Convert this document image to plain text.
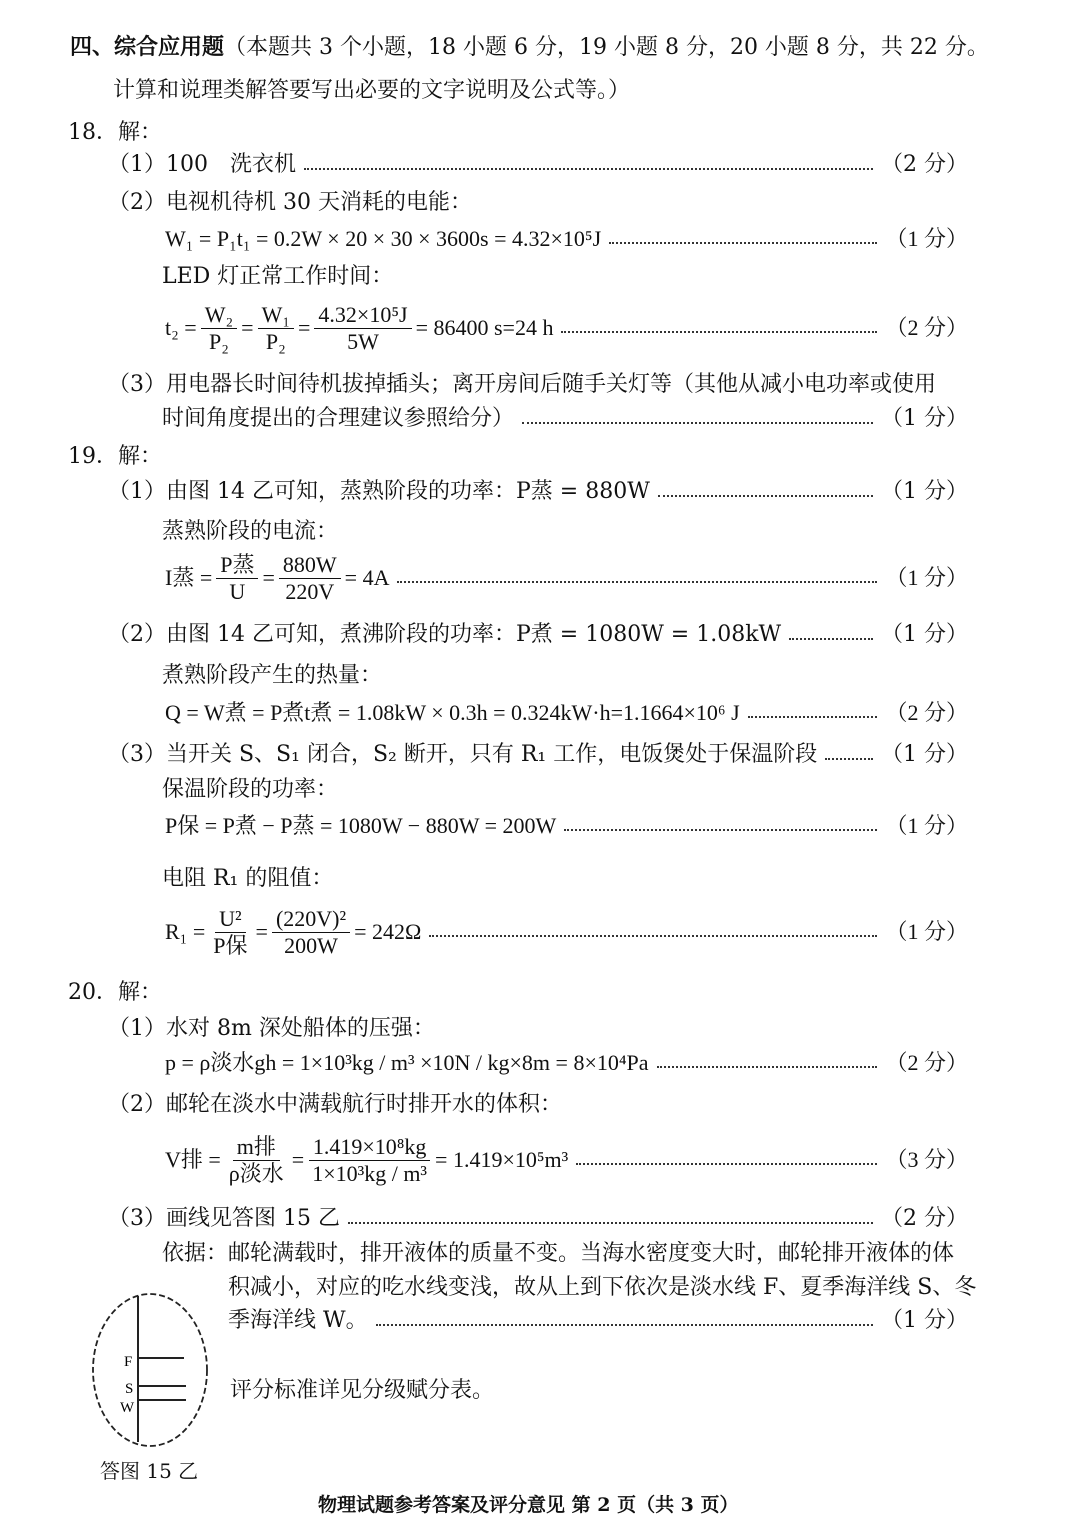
四、综合应用题（本题共 3 个小题，18 小题 6 分，19 小题 8 分，20 小题 8 分，共 22 分。
计算和说理类解答要写出必要的文字说明及公式等。）
18．解：
（1）100　洗衣机	（2 分）
（2）电视机待机 30 天消耗的电能：
W₁ = P₁t₁ = 0.2W × 20 × 30 × 3600s = 4.32×10⁵J	（1 分）
LED 灯正常工作时间：
$t_2 = \frac{\text{W₂}}{\text{P₂}} = \frac{\text{W₁}}{\text{P₂}} = \frac{\text{4.32×10⁵J}}{5W} = 86400$ s=24 h	（2 分）
（3）用电器长时间待机拔掉插头；离开房间后随手关灯等（其他从减小电功率或使用
时间角度提出的合理建议参照给分）	（1 分）
19．解：
（1）由图 14 乙可知，蒸熟阶段的功率：P蒸 = 880W	（1 分）
蒸熟阶段的电流：
I蒸 = $\frac{\text{P蒸}}{U} = \frac{880W}{220V} = 4A$	（1 分）
（2）由图 14 乙可知，煮沸阶段的功率：P煮 = 1080W = 1.08kW	（1 分）
煮熟阶段产生的热量：
Q = W煮 = P煮t煮 = 1.08kW × 0.3h = 0.324kW·h=1.1664×10⁶ J	（2 分）
（3）当开关 S、S₁ 闭合，S₂ 断开，只有 R₁ 工作，电饭煲处于保温阶段	（1 分）
保温阶段的功率：
P保 = P煮 − P蒸 = 1080W − 880W = 200W	（1 分）
电阻 R₁ 的阻值：
$R_1 = \frac{\text{U²}}{\text{P保}} = \frac{\text{(220V)²}}{200W} = 242\Omega$	（1 分）
20．解：
（1）水对 8m 深处船体的压强：
p = ρ淡水gh = 1×10³kg / m³ ×10N / kg×8m = 8×10⁴Pa	（2 分）
（2）邮轮在淡水中满载航行时排开水的体积：
V排 = $\frac{\text{m排}}{\text{ρ淡水}} = \frac{\text{1.419×10⁸kg}}{\text{1×10³kg / m³}} = 1.419\times 10^5m^3$	（3 分）
（3）画线见答图 15 乙	（2 分）
依据：邮轮满载时，排开液体的质量不变。当海水密度变大时，邮轮排开液体的体
积减小，对应的吃水线变浅，故从上到下依次是淡水线 F、夏季海洋线 S、冬
季海洋线 W。	（1 分）
评分标准详见分级赋分表。
F
S
W
答图 15 乙
物理试题参考答案及评分意见 第 2 页（共 3 页）
